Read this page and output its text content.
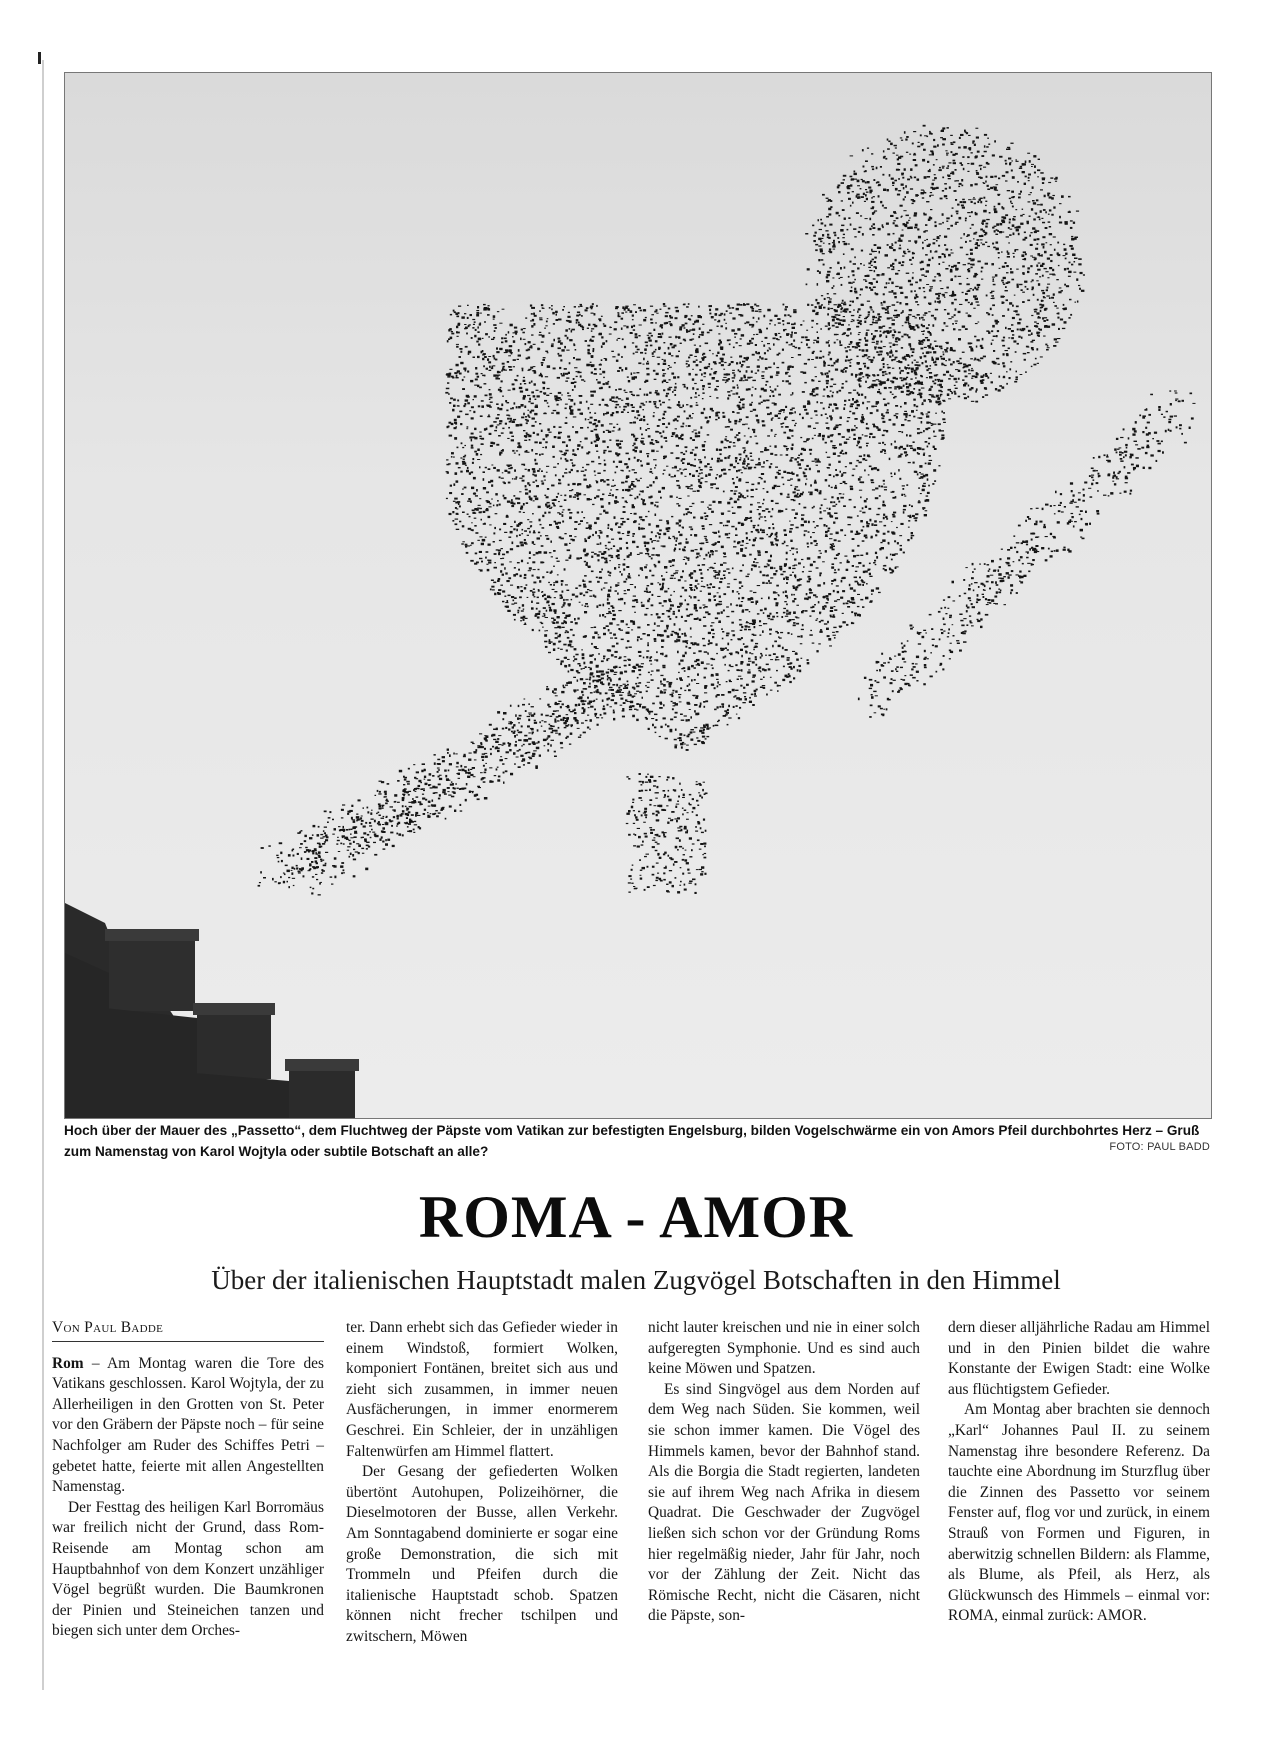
Hoch über der Mauer des „Passetto“, dem Fluchtweg der Päpste vom Vatikan zur befestigten Engelsburg, bilden Vogelschwärme ein von Amors Pfeil durchbohrtes Herz – Gruß zum Namenstag von Karol Wojtyla oder subtile Botschaft an alle?	FOTO: PAUL BADD
ROMA - AMOR
Über der italienischen Hauptstadt malen Zugvögel Botschaften in den Himmel
Von Paul Badde

Rom – Am Montag waren die Tore des Vatikans geschlossen. Karol Wojtyla, der zu Allerheiligen in den Grotten von St. Peter vor den Gräbern der Päpste noch – für seine Nachfolger am Ruder des Schiffes Petri – gebetet hatte, feierte mit allen Angestellten Namenstag.

Der Festtag des heiligen Karl Borromäus war freilich nicht der Grund, dass Rom-Reisende am Montag schon am Hauptbahnhof von dem Konzert unzähliger Vögel begrüßt wurden. Die Baumkronen der Pinien und Steineichen tanzen und biegen sich unter dem Orches-

ter. Dann erhebt sich das Gefieder wieder in einem Windstoß, formiert Wolken, komponiert Fontänen, breitet sich aus und zieht sich zusammen, in immer neuen Ausfächerungen, in immer enormerem Geschrei. Ein Schleier, der in unzähligen Faltenwürfen am Himmel flattert.

Der Gesang der gefiederten Wolken übertönt Autohupen, Polizeihörner, die Dieselmotoren der Busse, allen Verkehr. Am Sonntagabend dominierte er sogar eine große Demonstration, die sich mit Trommeln und Pfeifen durch die italienische Hauptstadt schob. Spatzen können nicht frecher tschilpen und zwitschern, Möwen

nicht lauter kreischen und nie in einer solch aufgeregten Symphonie. Und es sind auch keine Möwen und Spatzen.

Es sind Singvögel aus dem Norden auf dem Weg nach Süden. Sie kommen, weil sie schon immer kamen. Die Vögel des Himmels kamen, bevor der Bahnhof stand. Als die Borgia die Stadt regierten, landeten sie auf ihrem Weg nach Afrika in diesem Quadrat. Die Geschwader der Zugvögel ließen sich schon vor der Gründung Roms hier regelmäßig nieder, Jahr für Jahr, noch vor der Zählung der Zeit. Nicht das Römische Recht, nicht die Cäsaren, nicht die Päpste, son-

dern dieser alljährliche Radau am Himmel und in den Pinien bildet die wahre Konstante der Ewigen Stadt: eine Wolke aus flüchtigstem Gefieder.

Am Montag aber brachten sie dennoch „Karl“ Johannes Paul II. zu seinem Namenstag ihre besondere Referenz. Da tauchte eine Abordnung im Sturzflug über die Zinnen des Passetto vor seinem Fenster auf, flog vor und zurück, in einem Strauß von Formen und Figuren, in aberwitzig schnellen Bildern: als Flamme, als Blume, als Pfeil, als Herz, als Glückwunsch des Himmels – einmal vor: ROMA, einmal zurück: AMOR.
